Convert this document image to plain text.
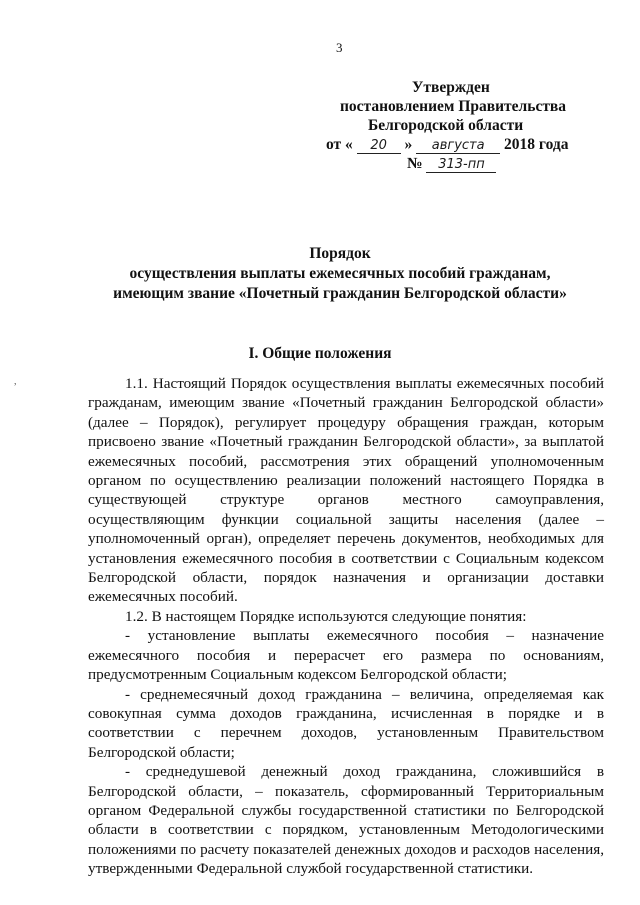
3
Утвержден
постановлением Правительства
Белгородской области
от « 20 » августа 2018 года
№ 313-пп
Порядок
осуществления выплаты ежемесячных пособий гражданам,
имеющим звание «Почетный гражданин Белгородской области»
I. Общие положения
,	1.1. Настоящий Порядок осуществления выплаты ежемесячных пособий гражданам, имеющим звание «Почетный гражданин Белгородской области» (далее – Порядок), регулирует процедуру обращения граждан, которым присвоено звание «Почетный гражданин Белгородской области», за выплатой ежемесячных пособий, рассмотрения этих обращений уполномоченным органом по осуществлению реализации положений настоящего Порядка в существующей структуре органов местного самоуправления, осуществляющим функции социальной защиты населения (далее – уполномоченный орган), определяет перечень документов, необходимых для установления ежемесячного пособия в соответствии с Социальным кодексом Белгородской области, порядок назначения и организации доставки ежемесячных пособий.

1.2. В настоящем Порядке используются следующие понятия:

- установление выплаты ежемесячного пособия – назначение ежемесячного пособия и перерасчет его размера по основаниям, предусмотренным Социальным кодексом Белгородской области;

- среднемесячный доход гражданина – величина, определяемая как совокупная сумма доходов гражданина, исчисленная в порядке и в соответствии с перечнем доходов, установленным Правительством Белгородской области;

- среднедушевой денежный доход гражданина, сложившийся в Белгородской области, – показатель, сформированный Территориальным органом Федеральной службы государственной статистики по Белгородской области в соответствии с порядком, установленным Методологическими положениями по расчету показателей денежных доходов и расходов населения, утвержденными Федеральной службой государственной статистики.
